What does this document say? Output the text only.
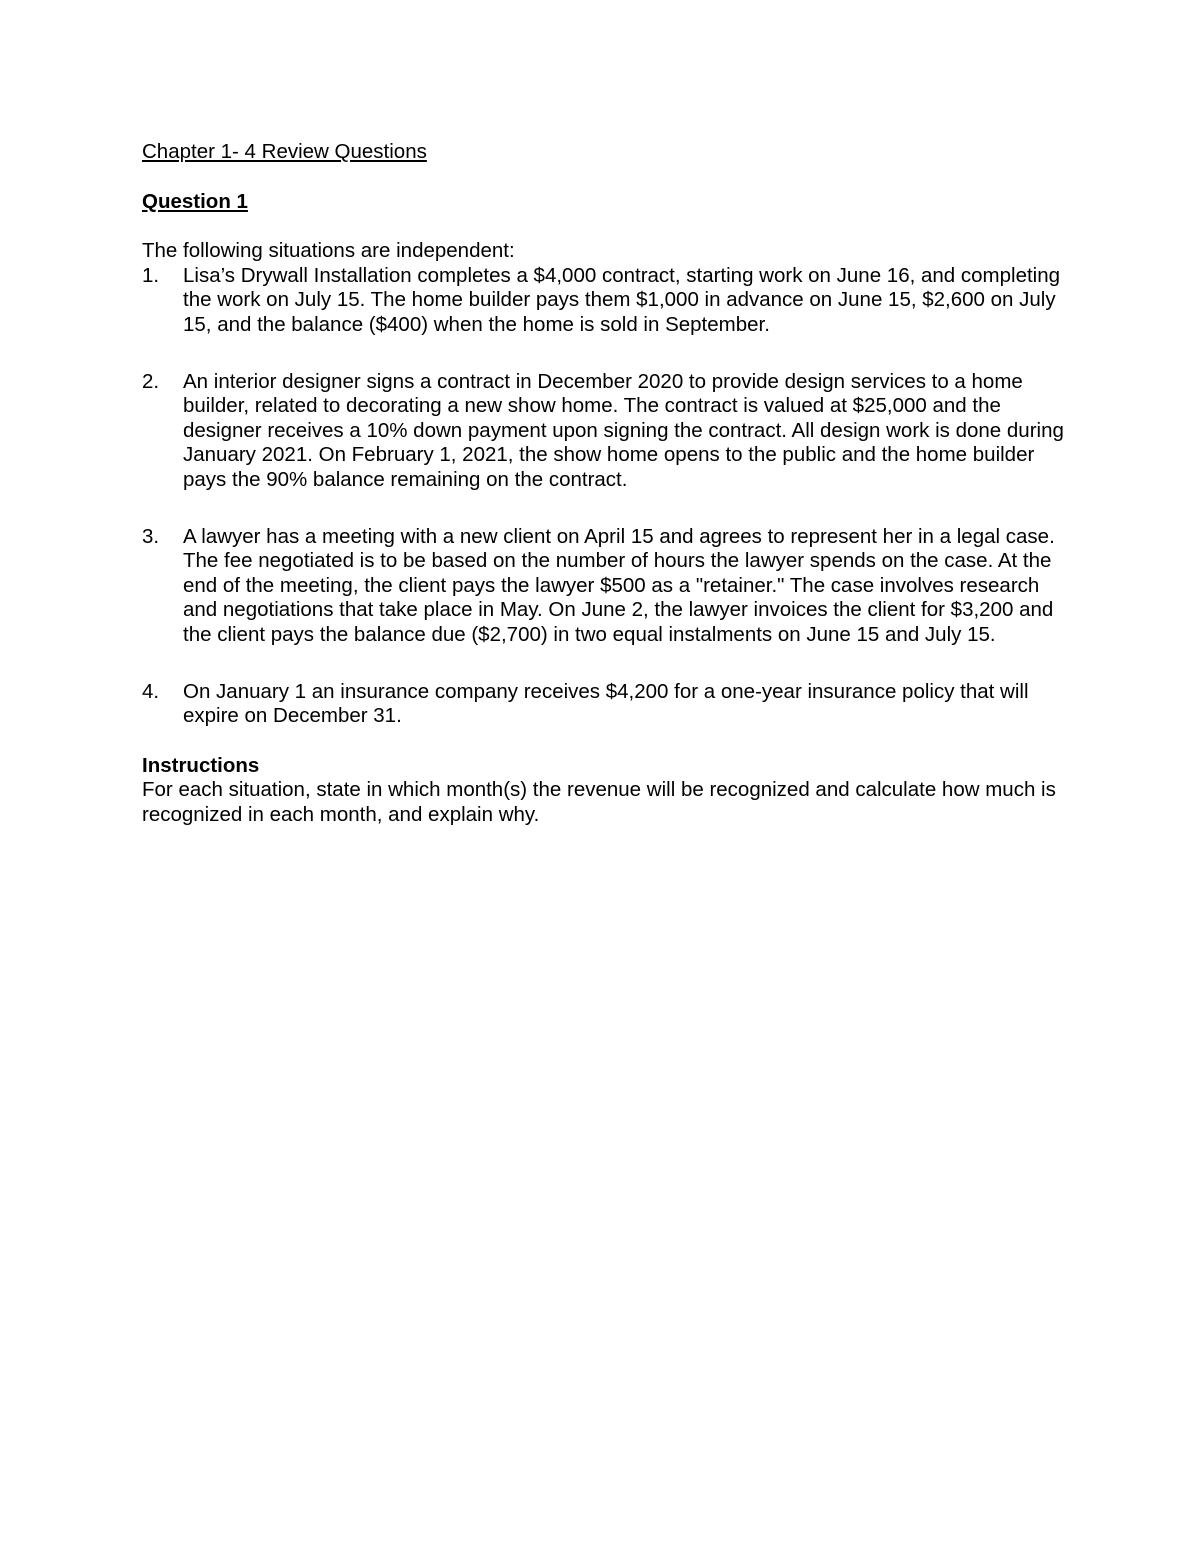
Chapter 1- 4 Review Questions
Question 1

The following situations are independent:

1. Lisa’s Drywall Installation completes a $4,000 contract, starting work on June 16, and completing the work on July 15. The home builder pays them $1,000 in advance on June 15, $2,600 on July 15, and the balance ($400) when the home is sold in September.
2. An interior designer signs a contract in December 2020 to provide design services to a home builder, related to decorating a new show home. The contract is valued at $25,000 and the designer receives a 10% down payment upon signing the contract. All design work is done during January 2021. On February 1, 2021, the show home opens to the public and the home builder pays the 90% balance remaining on the contract.
3. A lawyer has a meeting with a new client on April 15 and agrees to represent her in a legal case. The fee negotiated is to be based on the number of hours the lawyer spends on the case. At the end of the meeting, the client pays the lawyer $500 as a "retainer." The case involves research and negotiations that take place in May. On June 2, the lawyer invoices the client for $3,200 and the client pays the balance due ($2,700) in two equal instalments on June 15 and July 15.
4. On January 1 an insurance company receives $4,200 for a one-year insurance policy that will expire on December 31.
Instructions

For each situation, state in which month(s) the revenue will be recognized and calculate how much is recognized in each month, and explain why.
